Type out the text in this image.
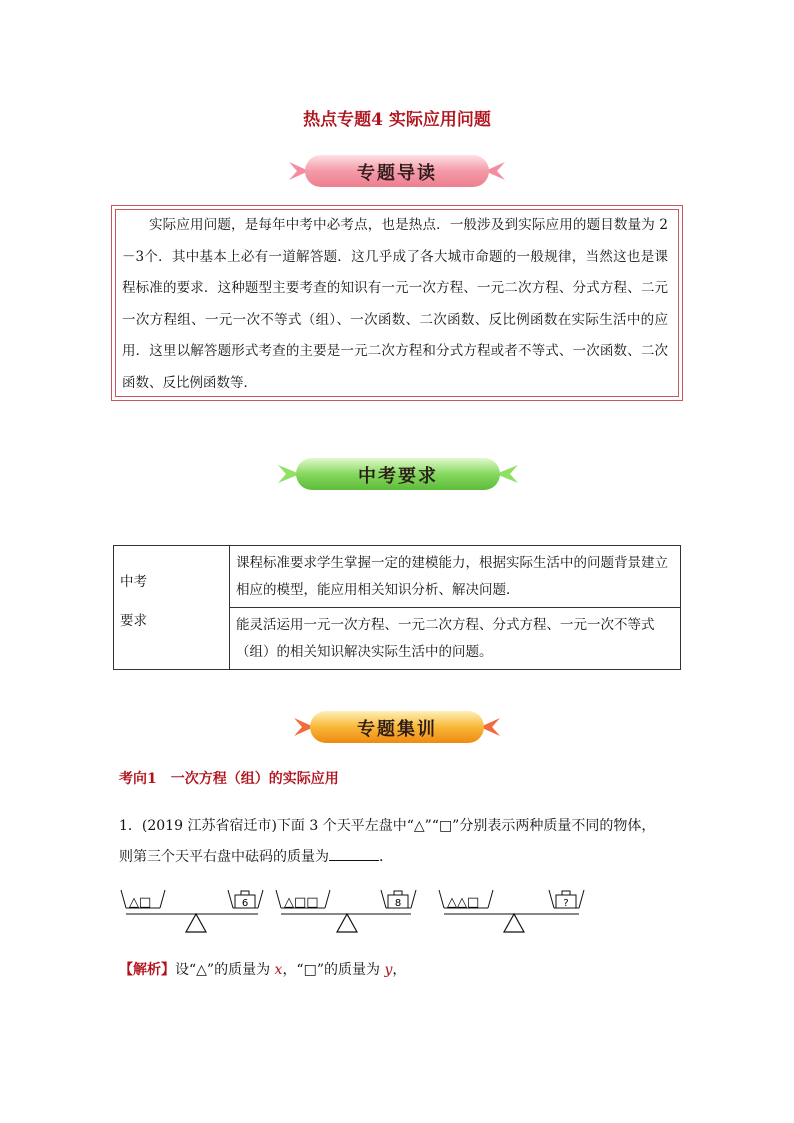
热点专题4 实际应用问题
专题导读
实际应用问题，是每年中考中必考点，也是热点．一般涉及到实际应用的题目数量为 2－3个．其中基本上必有一道解答题．这几乎成了各大城市命题的一般规律，当然这也是课程标准的要求．这种题型主要考查的知识有一元一次方程、一元二次方程、分式方程、二元一次方程组、一元一次不等式（组）、一次函数、二次函数、反比例函数在实际生活中的应用．这里以解答题形式考查的主要是一元二次方程和分式方程或者不等式、一次函数、二次函数、反比例函数等．
中考要求
中考
要求
	课程标准要求学生掌握一定的建模能力，根据实际生活中的问题背景建立相应的模型，能应用相关知识分析、解决问题．
能灵活运用一元一次方程、一元二次方程、分式方程、一元一次不等式（组）的相关知识解决实际生活中的问题。
专题集训
考向1　一次方程（组）的实际应用
1．(2019 江苏省宿迁市)下面 3 个天平左盘中“△”“□”分别表示两种质量不同的物体，
则第三个天平右盘中砝码的质量为	．
△□	6	△□□	8	△△□	?
【解析】设“△”的质量为 x，“□”的质量为 y，
